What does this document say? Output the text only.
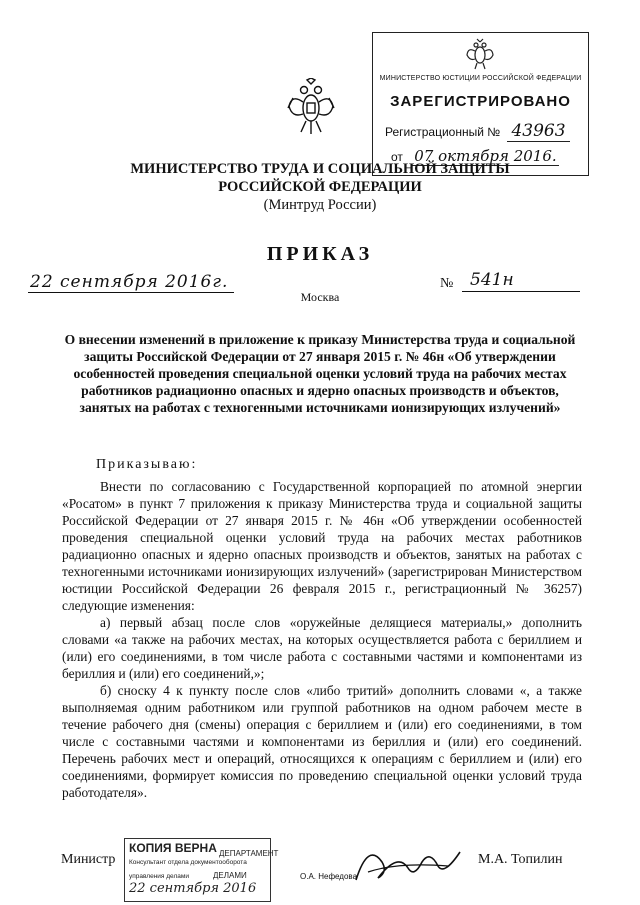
МИНИСТЕРСТВО ЮСТИЦИИ РОССИЙСКОЙ ФЕДЕРАЦИИ
ЗАРЕГИСТРИРОВАНО
Регистрационный № 43963
от 07 октября 2016.
МИНИСТЕРСТВО ТРУДА И СОЦИАЛЬНОЙ ЗАЩИТЫ
РОССИЙСКОЙ ФЕДЕРАЦИИ
(Минтруд России)
ПРИКАЗ
22 сентября 2016г.	№ 541н
Москва
О внесении изменений в приложение к приказу Министерства труда и социальной защиты Российской Федерации от 27 января 2015 г. № 46н «Об утверждении особенностей проведения специальной оценки условий труда на рабочих местах работников радиационно опасных и ядерно опасных производств и объектов, занятых на работах с техногенными источниками ионизирующих излучений»
Приказываю:

Внести по согласованию с Государственной корпорацией по атомной энергии «Росатом» в пункт 7 приложения к приказу Министерства труда и социальной защиты Российской Федерации от 27 января 2015 г. № 46н «Об утверждении особенностей проведения специальной оценки условий труда на рабочих местах работников радиационно опасных и ядерно опасных производств и объектов, занятых на работах с техногенными источниками ионизирующих излучений» (зарегистрирован Министерством юстиции Российской Федерации 26 февраля 2015 г., регистрационный № 36257) следующие изменения:

а) первый абзац после слов «оружейные делящиеся материалы,» дополнить словами «а также на рабочих местах, на которых осуществляется работа с бериллием и (или) его соединениями, в том числе работа с составными частями и компонентами из бериллия и (или) его соединений,»;

б) сноску 4 к пункту после слов «либо тритий» дополнить словами «, а также выполняемая одним работником или группой работников на одном рабочем месте в течение рабочего дня (смены) операция с бериллием и (или) его соединениями, в том числе с составными частями и компонентами из бериллия и (или) его соединений. Перечень рабочих мест и операций, относящихся к операциям с бериллием и (или) его соединениями, формирует комиссия по проведению специальной оценки условий труда работодателя».

Министр
КОПИЯ ВЕРНА ДЕПАРТАМЕНТ
Консультант отдела документооборота
управления делами	ДЕЛАМИ
22 сентября 2016
О.А. Нефедова
М.А. Топилин
